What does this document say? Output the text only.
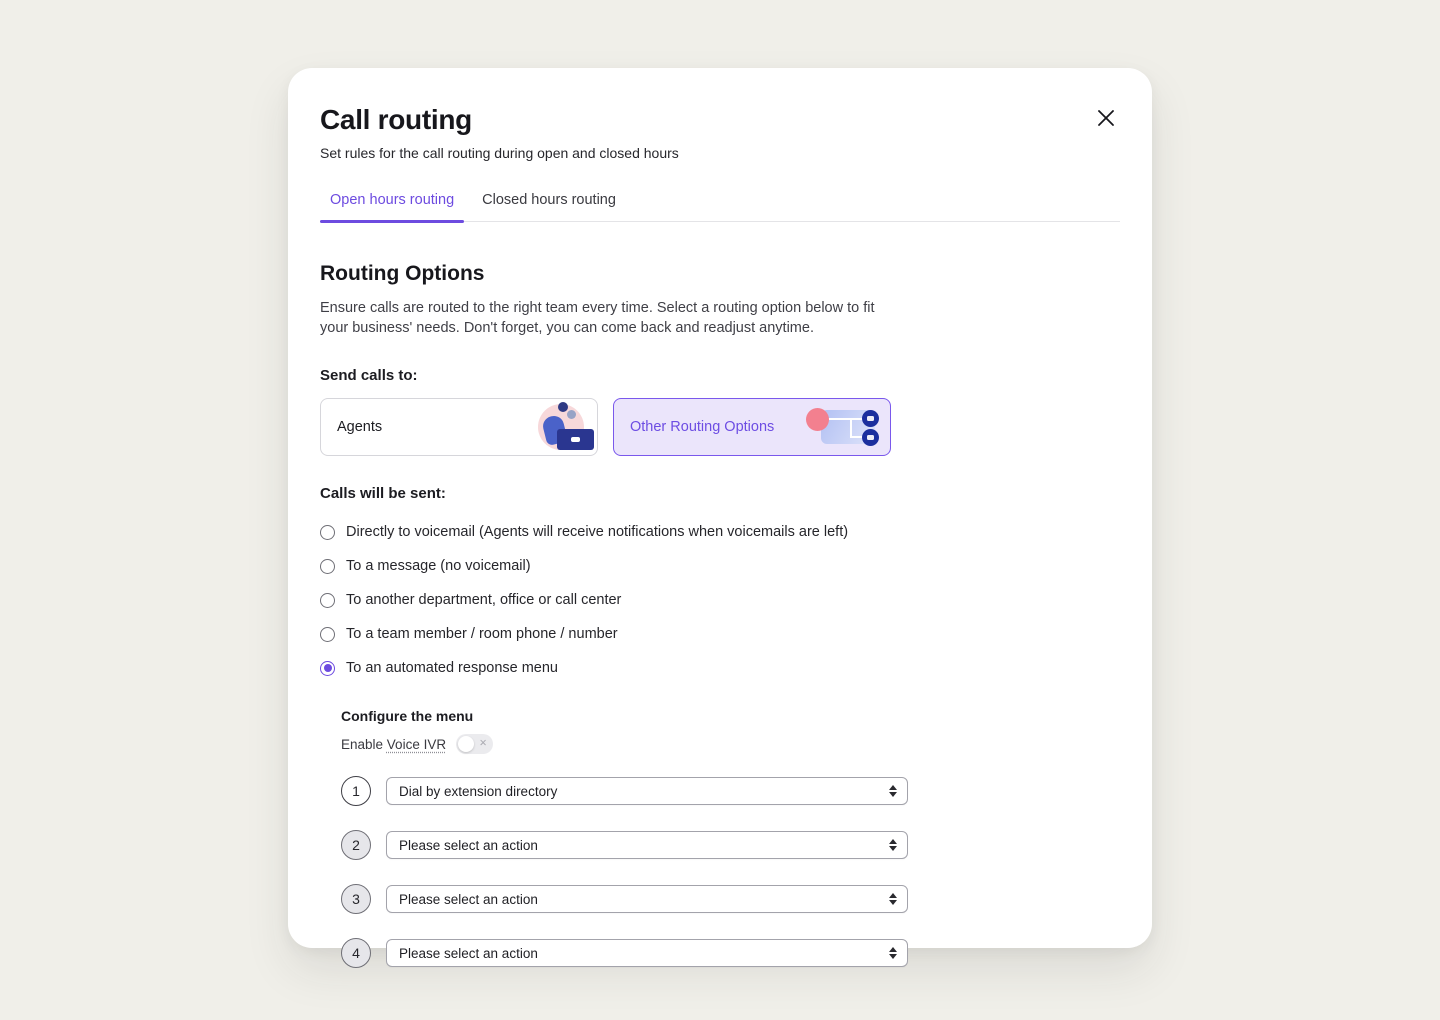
Call routing

Set rules for the call routing during open and closed hours

Open hours routing	Closed hours routing
Routing Options

Ensure calls are routed to the right team every time. Select a routing option below to fit your business' needs. Don't forget, you can come back and readjust anytime.

Send calls to:
Agents	Other Routing Options
Calls will be sent:
Directly to voicemail (Agents will receive notifications when voicemails are left)
To a message (no voicemail)
To another department, office or call center
To a team member / room phone / number
To an automated response menu
Configure the menu
Enable Voice IVR	✕
1	Dial by extension directory
2	Please select an action
3	Please select an action
4	Please select an action
